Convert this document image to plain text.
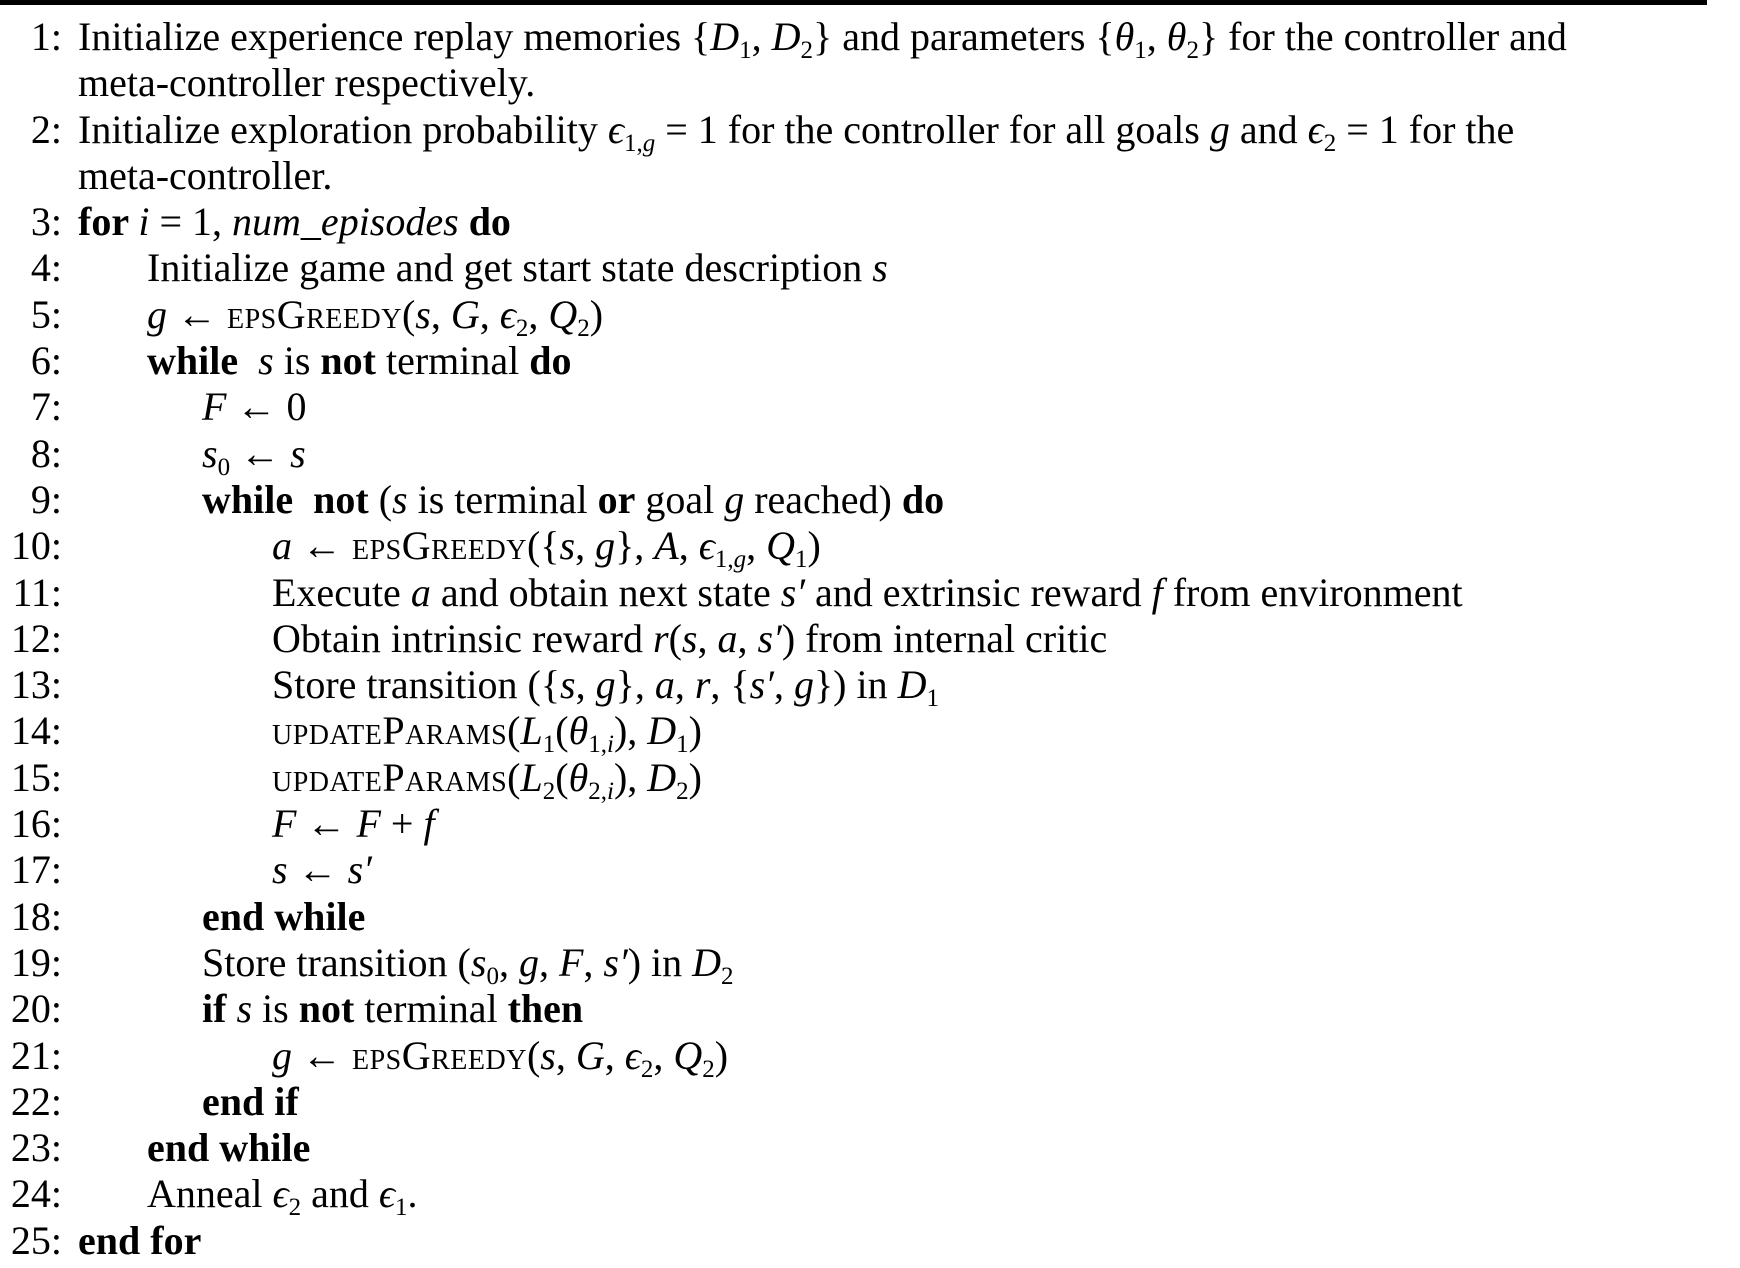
1: Initialize experience replay memories {$D_1$, $D_2$} and parameters {$\theta_1$, $\theta_2$} for the controller and
meta-controller respectively.
2: Initialize exploration probability $\epsilon_{1,g} = 1$ for the controller for all goals g and $\epsilon_2 = 1$ for the
meta-controller.
3: for i = 1, num_episodes do
4: Initialize game and get start state description s
5: g ← epsGreedy(s, G, $\epsilon_2$, $Q_2$)
6: while  s is not terminal do
7:	F ← 0
8:	$s_0$ ← s
9:	while  not (s is terminal or goal g reached) do
10:	a ← epsGreedy({s, g}, A, $\epsilon_{1,g}$, $Q_1$)
11:	Execute a and obtain next state s′ and extrinsic reward f from environment
12:	Obtain intrinsic reward r(s, a, s′) from internal critic
13:	Store transition ({s, g}, a, r, {s′, g}) in $D_1$
14:	$updateParams(L_1(\theta_{1,i})$, $D_1$)
15:	$updateParams(L_2(\theta_{2,i})$, $D_2$)
16:	F ← F + f
17:	s ← s′
18:	end while
19:	Store transition ($s_0$, g, F, s′) in $D_2$
20:	if s is not terminal then
21:	g ← epsGreedy(s, G, $\epsilon_2$, $Q_2$)
22:	end if
23: end while
24: Anneal $\epsilon_2$ and $\epsilon_1$.
25: end for
